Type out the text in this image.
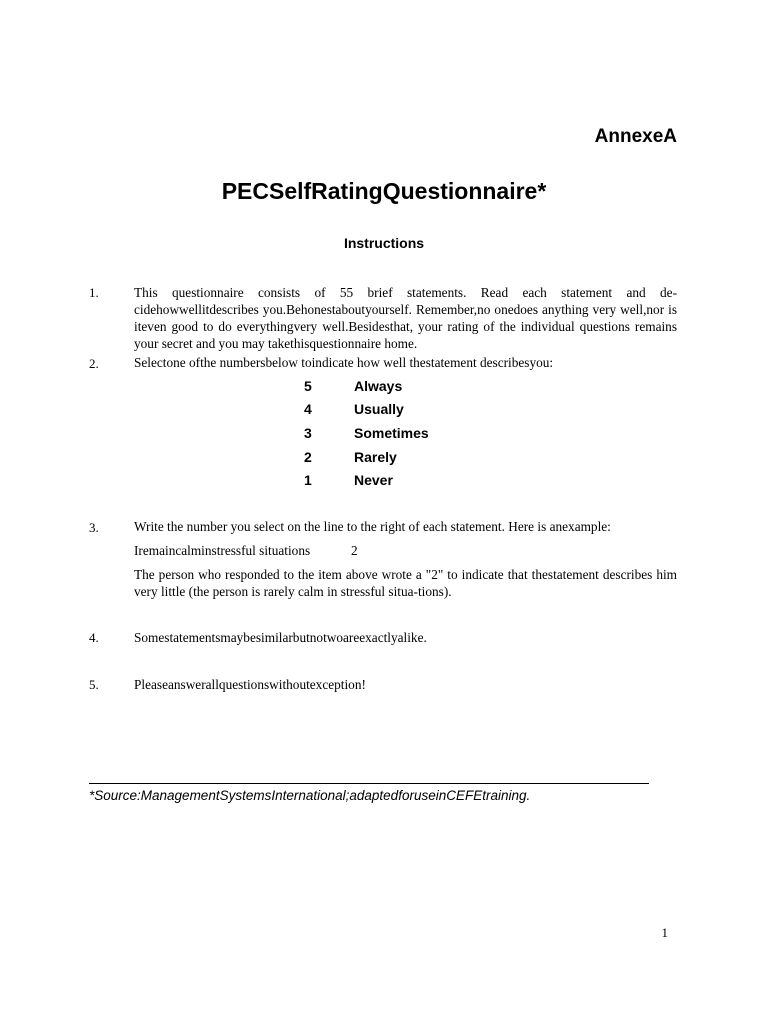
AnnexeA
PECSelfRatingQuestionnaire*
Instructions
1.	This questionnaire consists of 55 brief statements. Read each statement and de-cidehowwellitdescribes you.Behonestaboutyourself. Remember,no onedoes anything very well,nor is iteven good to do everythingvery well.Besidesthat, your rating of the individual questions remains your secret and you may takethisquestionnaire home.
2.	Selectone ofthe numbersbelow toindicate how well thestatement describesyou:
5	Always
4	Usually
3	Sometimes
2	Rarely
1	Never
3.	Write the number you select on the line to the right of each statement. Here is anexample:
Iremaincalminstressful situations	2
The person who responded to the item above wrote a "2" to indicate that thestatement describes him very little (the person is rarely calm in stressful situa-tions).
4.	Somestatementsmaybesimilarbutnotwoareexactlyalike.
5.	Pleaseanswerallquestionswithoutexception!
*Source:ManagementSystemsInternational;adaptedforuseinCEFEtraining.
1
